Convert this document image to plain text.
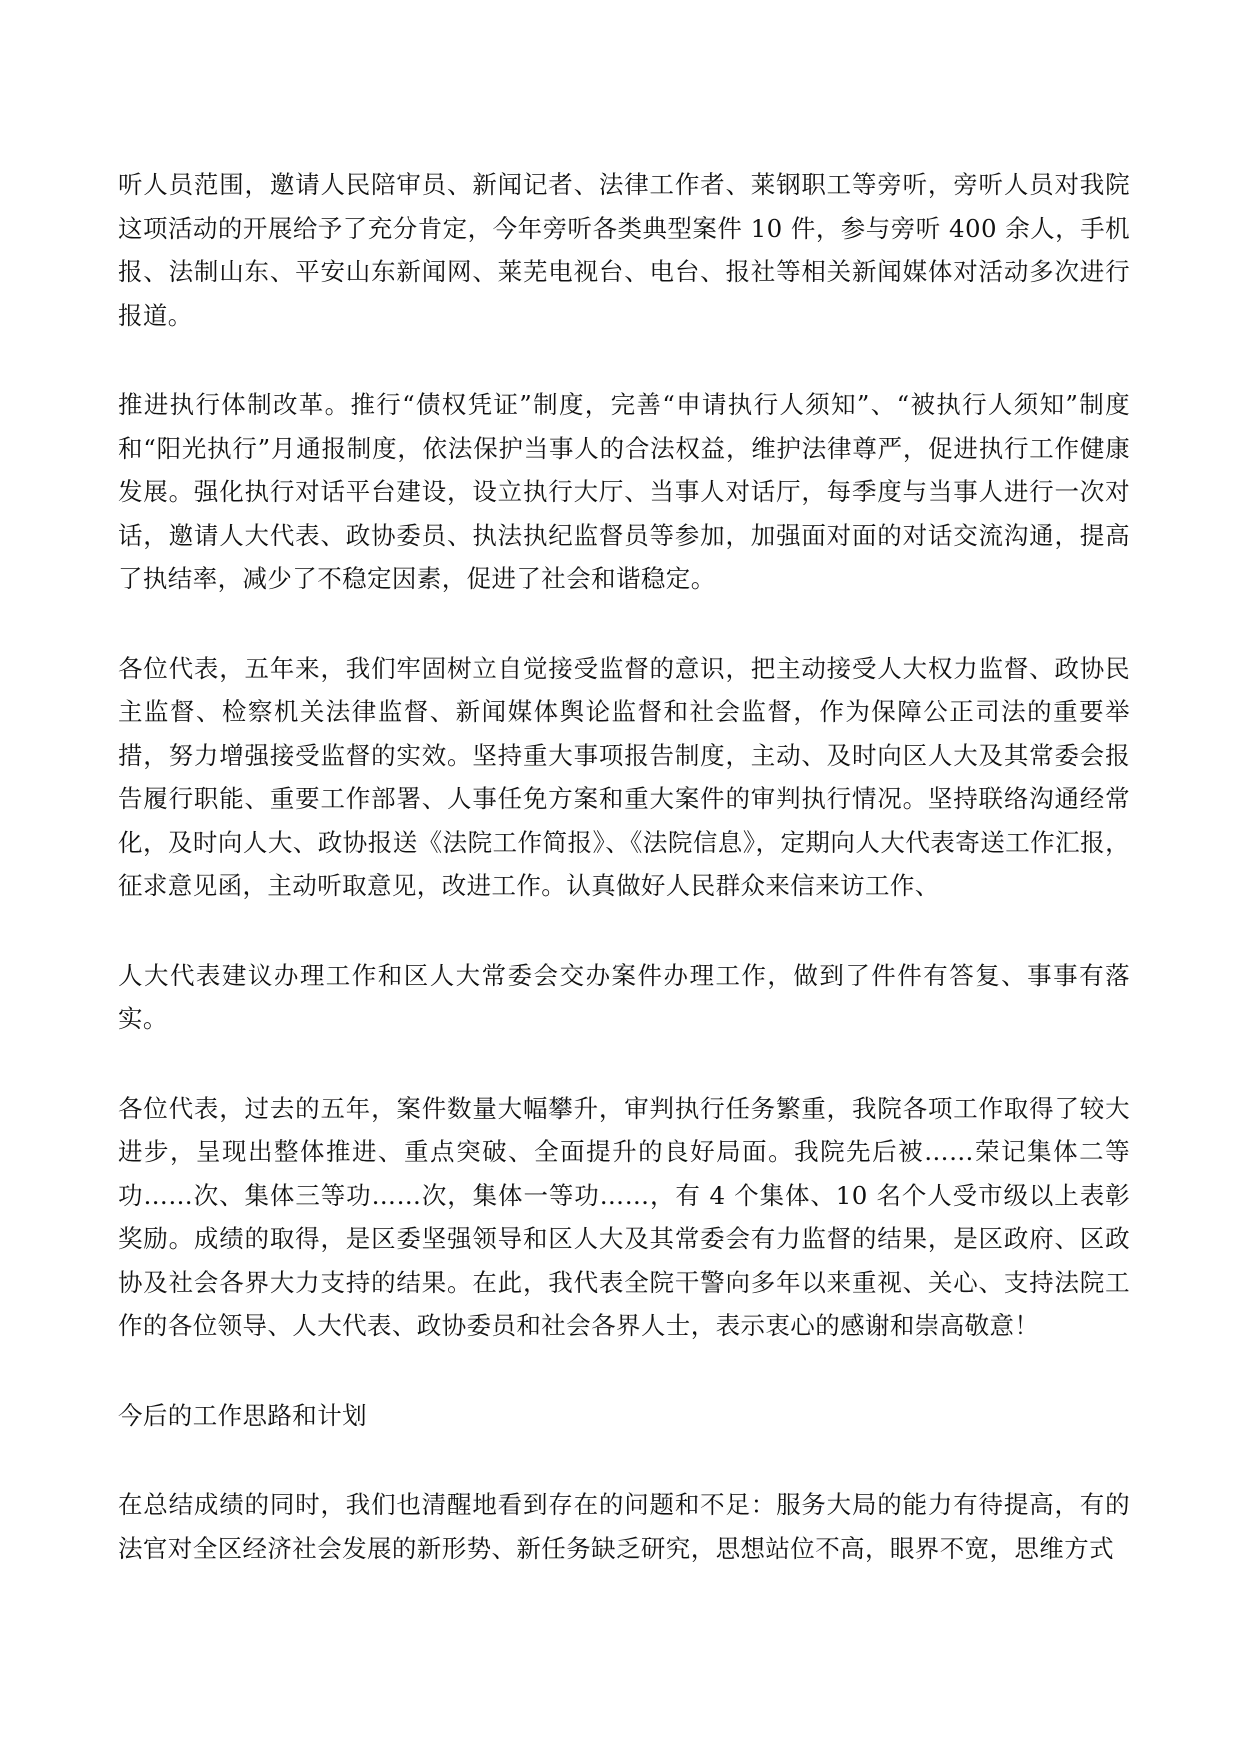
听人员范围，邀请人民陪审员、新闻记者、法律工作者、莱钢职工等旁听，旁听人员对我院这项活动的开展给予了充分肯定，今年旁听各类典型案件 10 件，参与旁听 400 余人，手机报、法制山东、平安山东新闻网、莱芜电视台、电台、报社等相关新闻媒体对活动多次进行报道。

推进执行体制改革。推行“债权凭证”制度，完善“申请执行人须知”、“被执行人须知”制度和“阳光执行”月通报制度，依法保护当事人的合法权益，维护法律尊严，促进执行工作健康发展。强化执行对话平台建设，设立执行大厅、当事人对话厅，每季度与当事人进行一次对话，邀请人大代表、政协委员、执法执纪监督员等参加，加强面对面的对话交流沟通，提高了执结率，减少了不稳定因素，促进了社会和谐稳定。

各位代表，五年来，我们牢固树立自觉接受监督的意识，把主动接受人大权力监督、政协民主监督、检察机关法律监督、新闻媒体舆论监督和社会监督，作为保障公正司法的重要举措，努力增强接受监督的实效。坚持重大事项报告制度，主动、及时向区人大及其常委会报告履行职能、重要工作部署、人事任免方案和重大案件的审判执行情况。坚持联络沟通经常化，及时向人大、政协报送《法院工作简报》、《法院信息》，定期向人大代表寄送工作汇报，征求意见函，主动听取意见，改进工作。认真做好人民群众来信来访工作、

人大代表建议办理工作和区人大常委会交办案件办理工作，做到了件件有答复、事事有落实。

各位代表，过去的五年，案件数量大幅攀升，审判执行任务繁重，我院各项工作取得了较大进步，呈现出整体推进、重点突破、全面提升的良好局面。我院先后被……荣记集体二等功……次、集体三等功……次，集体一等功……，有 4 个集体、10 名个人受市级以上表彰奖励。成绩的取得，是区委坚强领导和区人大及其常委会有力监督的结果，是区政府、区政协及社会各界大力支持的结果。在此，我代表全院干警向多年以来重视、关心、支持法院工作的各位领导、人大代表、政协委员和社会各界人士，表示衷心的感谢和崇高敬意！

今后的工作思路和计划

在总结成绩的同时，我们也清醒地看到存在的问题和不足：服务大局的能力有待提高，有的法官对全区经济社会发展的新形势、新任务缺乏研究，思想站位不高，眼界不宽，思维方式
